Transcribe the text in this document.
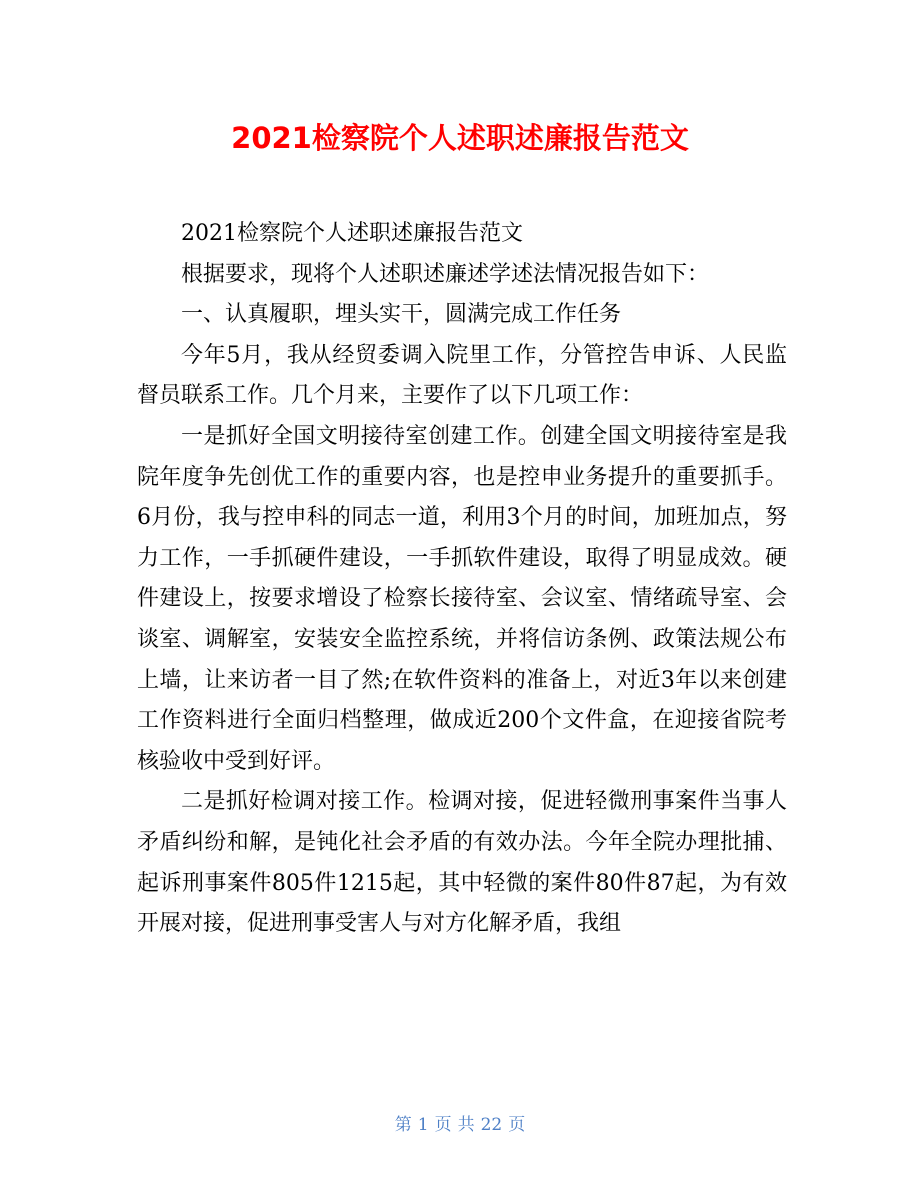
2021检察院个人述职述廉报告范文

2021检察院个人述职述廉报告范文

根据要求，现将个人述职述廉述学述法情况报告如下：

一、认真履职，埋头实干，圆满完成工作任务

今年5月，我从经贸委调入院里工作，分管控告申诉、人民监督员联系工作。几个月来，主要作了以下几项工作：

一是抓好全国文明接待室创建工作。创建全国文明接待室是我院年度争先创优工作的重要内容，也是控申业务提升的重要抓手。6月份，我与控申科的同志一道，利用3个月的时间，加班加点，努力工作，一手抓硬件建设，一手抓软件建设，取得了明显成效。硬件建设上，按要求增设了检察长接待室、会议室、情绪疏导室、会谈室、调解室，安装安全监控系统，并将信访条例、政策法规公布上墙，让来访者一目了然;在软件资料的准备上，对近3年以来创建工作资料进行全面归档整理，做成近200个文件盒，在迎接省院考核验收中受到好评。

二是抓好检调对接工作。检调对接，促进轻微刑事案件当事人矛盾纠纷和解，是钝化社会矛盾的有效办法。今年全院办理批捕、起诉刑事案件805件1215起，其中轻微的案件80件87起，为有效开展对接，促进刑事受害人与对方化解矛盾，我组

第 1 页 共 22 页
